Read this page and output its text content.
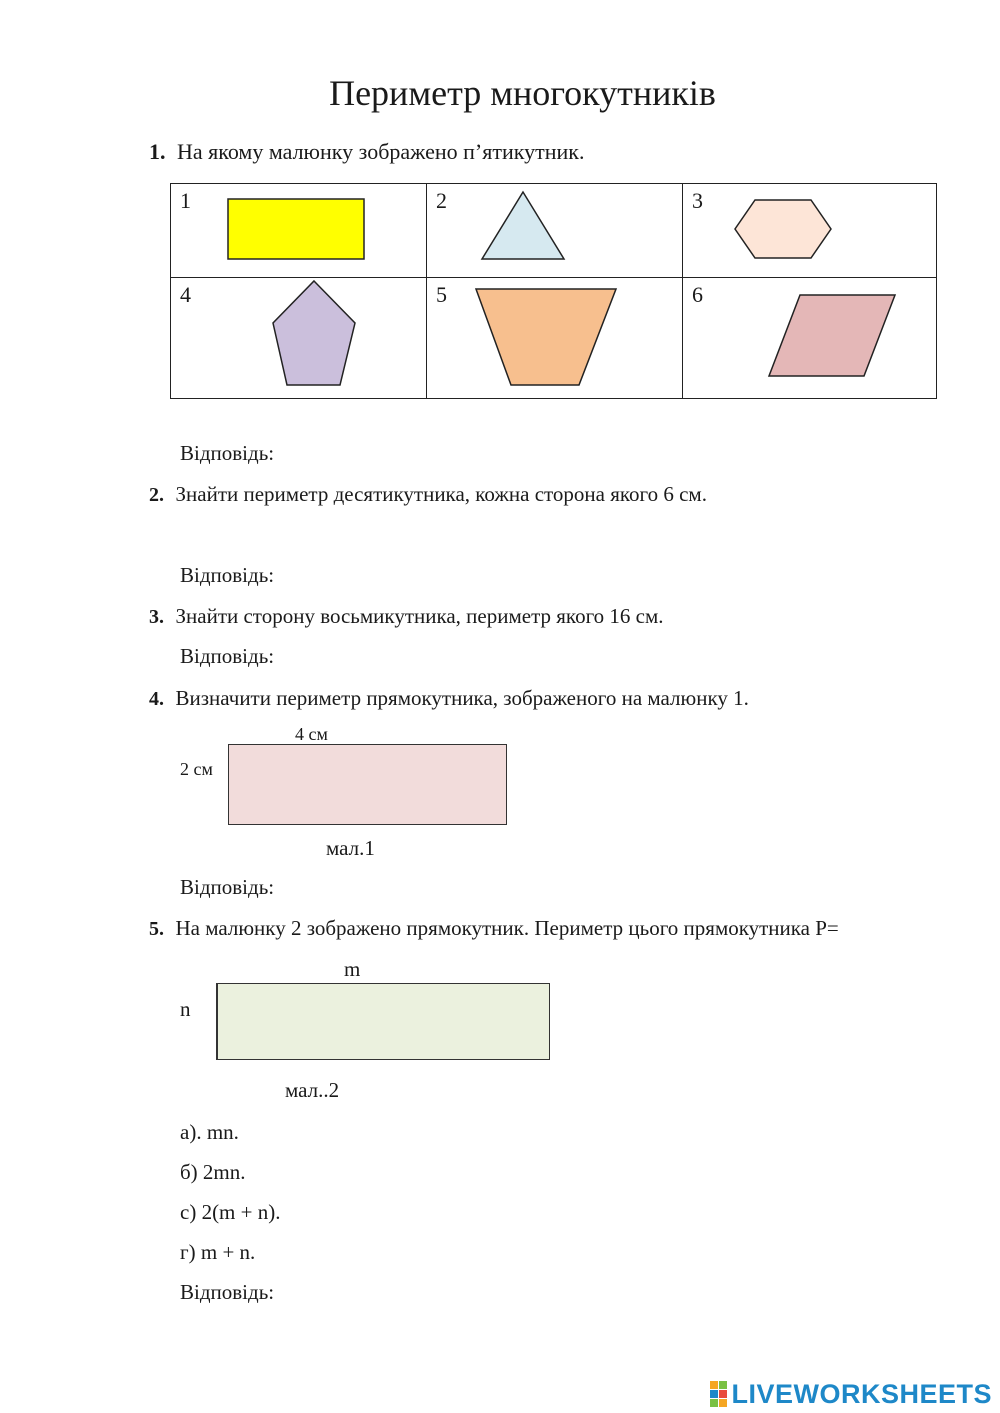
Периметр многокутників
1. На якому малюнку зображено п’ятикутник.
1	2	3

4	5	6
Відповідь:
2. Знайти периметр десятикутника, кожна сторона якого 6 см.
Відповідь:
3. Знайти сторону восьмикутника, периметр якого 16 см.
Відповідь:
4. Визначити периметр прямокутника, зображеного на малюнку 1.
4 см
2 см
мал.1
Відповідь:
5. На малюнку 2 зображено прямокутник. Периметр цього прямокутника P=
m
n
мал..2
а). mn.
б) 2mn.
с) 2(m + n).
г) m + n.
Відповідь:
LIVEWORKSHEETS
